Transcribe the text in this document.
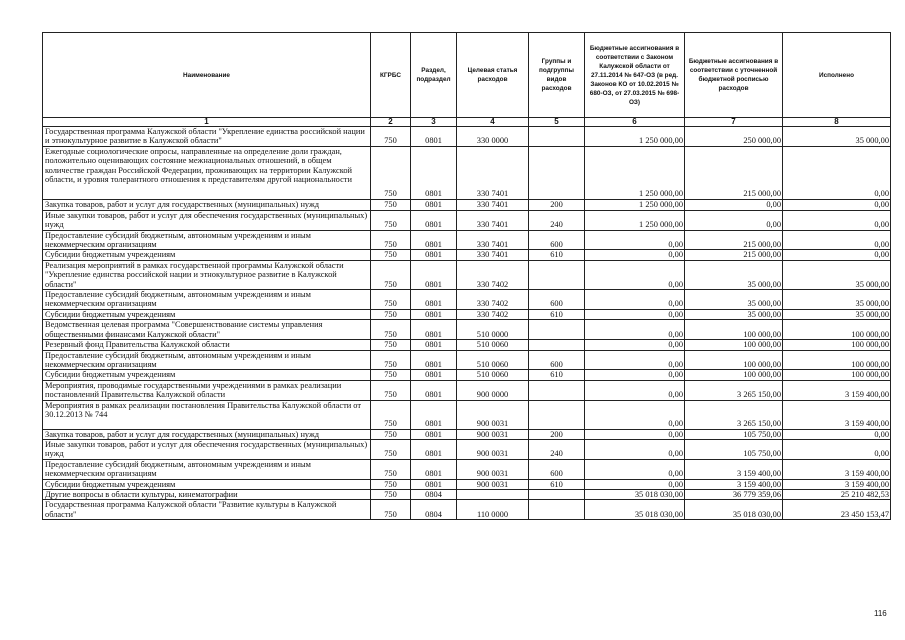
Наименование	КГРБС	Раздел, подраздел	Целевая статья расходов	Группы и подгруппы видов расходов	Бюджетные ассигнования в соответствии с Законом Калужской области от 27.11.2014 № 647-ОЗ (в ред. Законов КО от 10.02.2015 № 680-ОЗ, от 27.03.2015 № 698-ОЗ)	Бюджетные ассигнования в соответствии с уточненной бюджетной росписью расходов	Исполнено
1	2	3	4	5	6	7	8
Государственная программа Калужской области "Укрепление единства российской нации и этнокультурное развитие в Калужской области"	750	0801	330 0000		1 250 000,00	250 000,00	35 000,00
Ежегодные социологические опросы, направленные на определение доли граждан, положительно оценивающих состояние межнациональных отношений, в общем количестве граждан Российской Федерации, проживающих на территории Калужской области, и уровня толерантного отношения к представителям другой национальности	750	0801	330 7401		1 250 000,00	215 000,00	0,00
Закупка товаров, работ и услуг для государственных (муниципальных) нужд	750	0801	330 7401	200	1 250 000,00	0,00	0,00
Иные закупки товаров, работ и услуг для обеспечения государственных (муниципальных) нужд	750	0801	330 7401	240	1 250 000,00	0,00	0,00
Предоставление субсидий бюджетным, автономным учреждениям и иным некоммерческим организациям	750	0801	330 7401	600	0,00	215 000,00	0,00
Субсидии бюджетным учреждениям	750	0801	330 7401	610	0,00	215 000,00	0,00
Реализация мероприятий в рамках государственной программы Калужской области "Укрепление единства российской нации и этнокультурное развитие в Калужской области"	750	0801	330 7402		0,00	35 000,00	35 000,00
Предоставление субсидий бюджетным, автономным учреждениям и иным некоммерческим организациям	750	0801	330 7402	600	0,00	35 000,00	35 000,00
Субсидии бюджетным учреждениям	750	0801	330 7402	610	0,00	35 000,00	35 000,00
Ведомственная целевая программа "Совершенствование системы управления общественными финансами Калужской области"	750	0801	510 0000		0,00	100 000,00	100 000,00
Резервный фонд Правительства Калужской области	750	0801	510 0060		0,00	100 000,00	100 000,00
Предоставление субсидий бюджетным, автономным учреждениям и иным некоммерческим организациям	750	0801	510 0060	600	0,00	100 000,00	100 000,00
Субсидии бюджетным учреждениям	750	0801	510 0060	610	0,00	100 000,00	100 000,00
Мероприятия, проводимые государственными учреждениями в рамках реализации постановлений Правительства Калужской области	750	0801	900 0000		0,00	3 265 150,00	3 159 400,00
Мероприятия в рамках реализации постановления Правительства Калужской области от 30.12.2013 № 744	750	0801	900 0031		0,00	3 265 150,00	3 159 400,00
Закупка товаров, работ и услуг для государственных (муниципальных) нужд	750	0801	900 0031	200	0,00	105 750,00	0,00
Иные закупки товаров, работ и услуг для обеспечения государственных (муниципальных) нужд	750	0801	900 0031	240	0,00	105 750,00	0,00
Предоставление субсидий бюджетным, автономным учреждениям и иным некоммерческим организациям	750	0801	900 0031	600	0,00	3 159 400,00	3 159 400,00
Субсидии бюджетным учреждениям	750	0801	900 0031	610	0,00	3 159 400,00	3 159 400,00
Другие вопросы в области культуры, кинематографии	750	0804			35 018 030,00	36 779 359,06	25 210 482,53
Государственная программа Калужской области "Развитие культуры в Калужской области"	750	0804	110 0000		35 018 030,00	35 018 030,00	23 450 153,47
116
